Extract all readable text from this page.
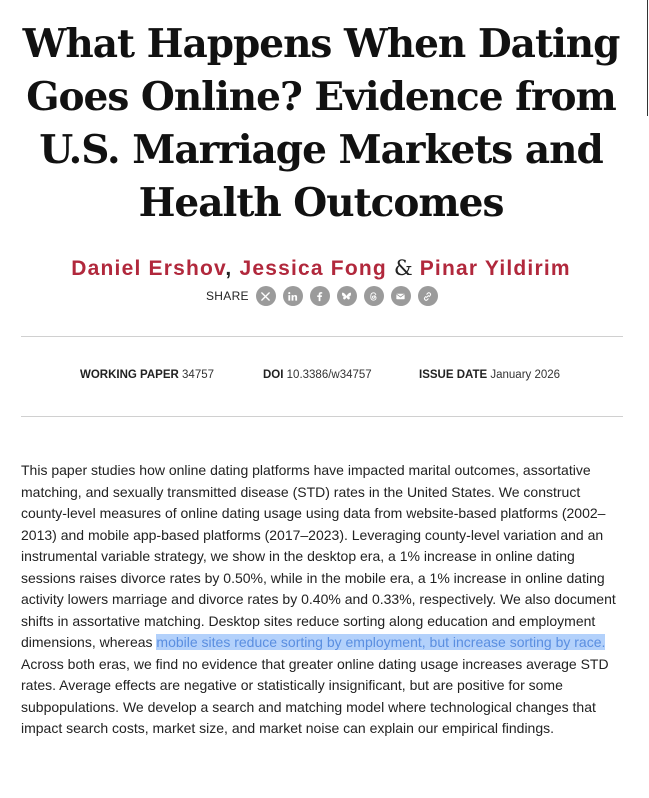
What Happens When Dating Goes Online? Evidence from U.S. Marriage Markets and Health Outcomes
Daniel Ershov, Jessica Fong & Pinar Yildirim
SHARE
WORKING PAPER 34757	DOI 10.3386/w34757	ISSUE DATE January 2026

This paper studies how online dating platforms have impacted marital outcomes, assortative matching, and sexually transmitted disease (STD) rates in the United States. We construct county-level measures of online dating usage using data from website-based platforms (2002–2013) and mobile app-based platforms (2017–2023). Leveraging county-level variation and an instrumental variable strategy, we show in the desktop era, a 1% increase in online dating sessions raises divorce rates by 0.50%, while in the mobile era, a 1% increase in online dating activity lowers marriage and divorce rates by 0.40% and 0.33%, respectively. We also document shifts in assortative matching. Desktop sites reduce sorting along education and employment dimensions, whereas mobile sites reduce sorting by employment, but increase sorting by race. Across both eras, we find no evidence that greater online dating usage increases average STD rates. Average effects are negative or statistically insignificant, but are positive for some subpopulations. We develop a search and matching model where technological changes that impact search costs, market size, and market noise can explain our empirical findings.
